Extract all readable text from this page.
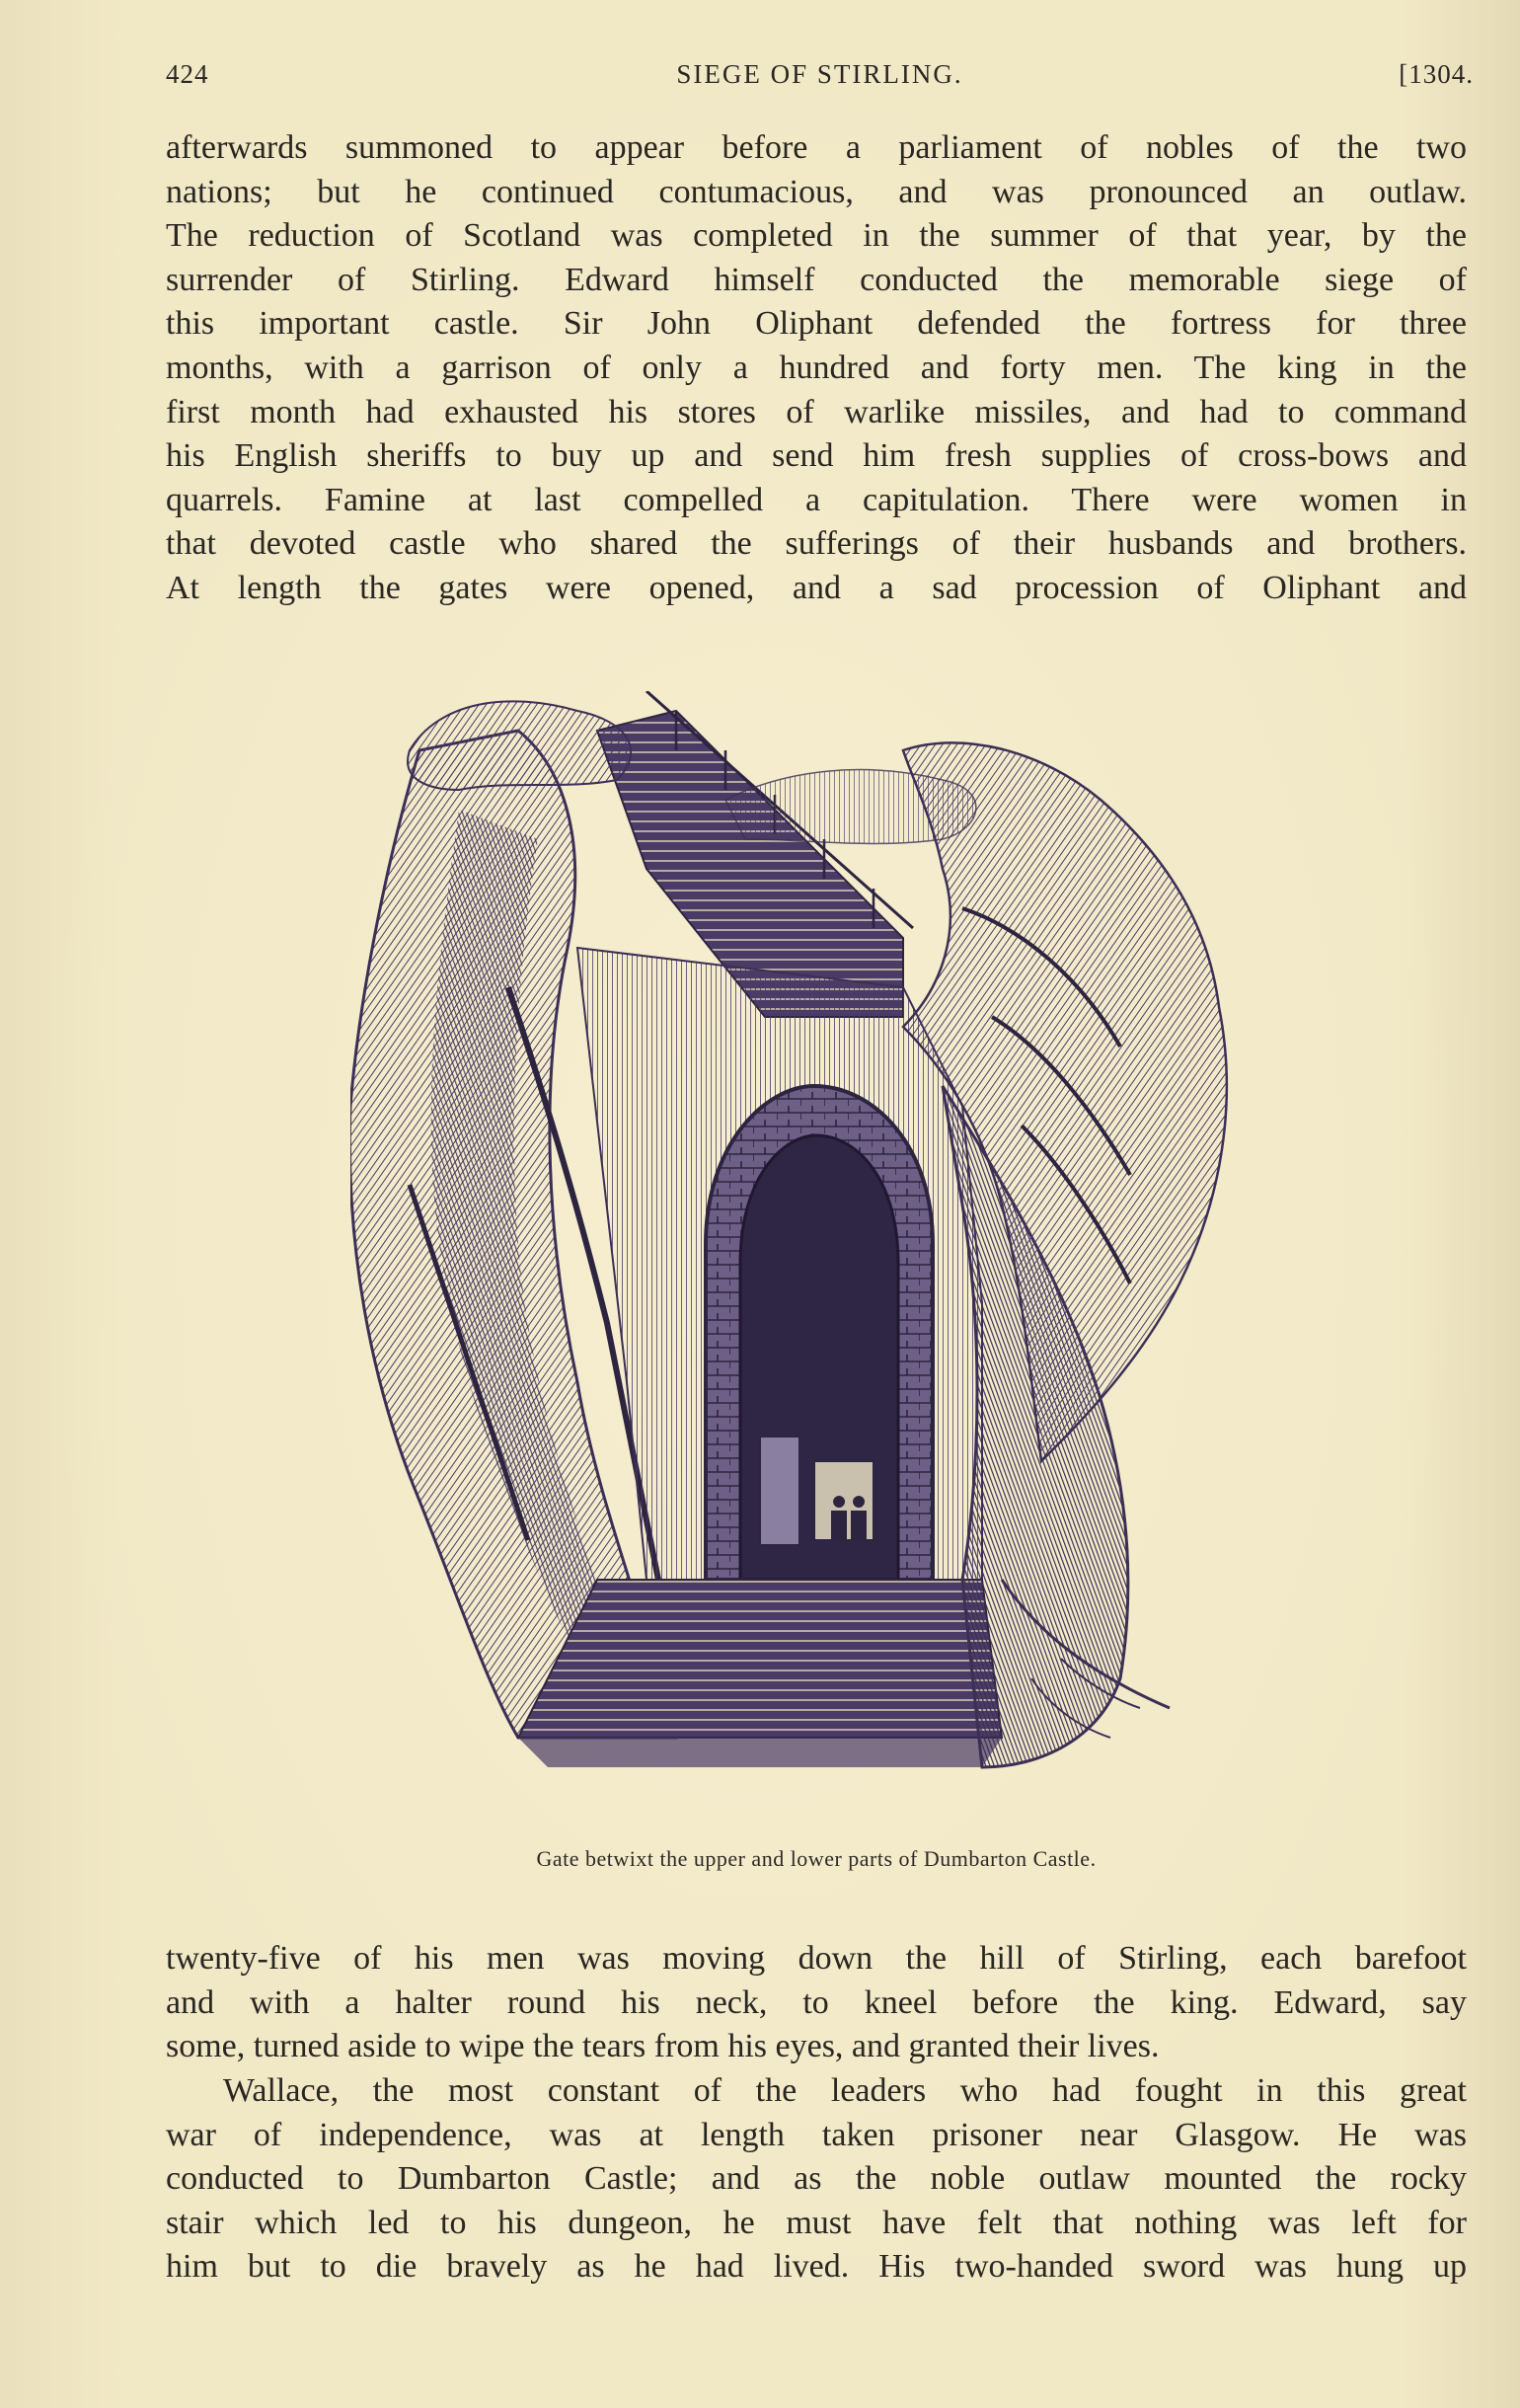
424	SIEGE OF STIRLING.	[1304.
afterwards summoned to appear before a parliament of nobles of the two
nations; but he continued contumacious, and was pronounced an outlaw.
The reduction of Scotland was completed in the summer of that year, by the
surrender of Stirling. Edward himself conducted the memorable siege of
this important castle. Sir John Oliphant defended the fortress for three
months, with a garrison of only a hundred and forty men. The king in the
first month had exhausted his stores of warlike missiles, and had to command
his English sheriffs to buy up and send him fresh supplies of cross-bows and
quarrels. Famine at last compelled a capitulation. There were women in
that devoted castle who shared the sufferings of their husbands and brothers.
At length the gates were opened, and a sad procession of Oliphant and
Gate betwixt the upper and lower parts of Dumbarton Castle.
twenty-five of his men was moving down the hill of Stirling, each barefoot
and with a halter round his neck, to kneel before the king. Edward, say
some, turned aside to wipe the tears from his eyes, and granted their lives.
Wallace, the most constant of the leaders who had fought in this great
war of independence, was at length taken prisoner near Glasgow. He was
conducted to Dumbarton Castle; and as the noble outlaw mounted the rocky
stair which led to his dungeon, he must have felt that nothing was left for
him but to die bravely as he had lived. His two-handed sword was hung up
